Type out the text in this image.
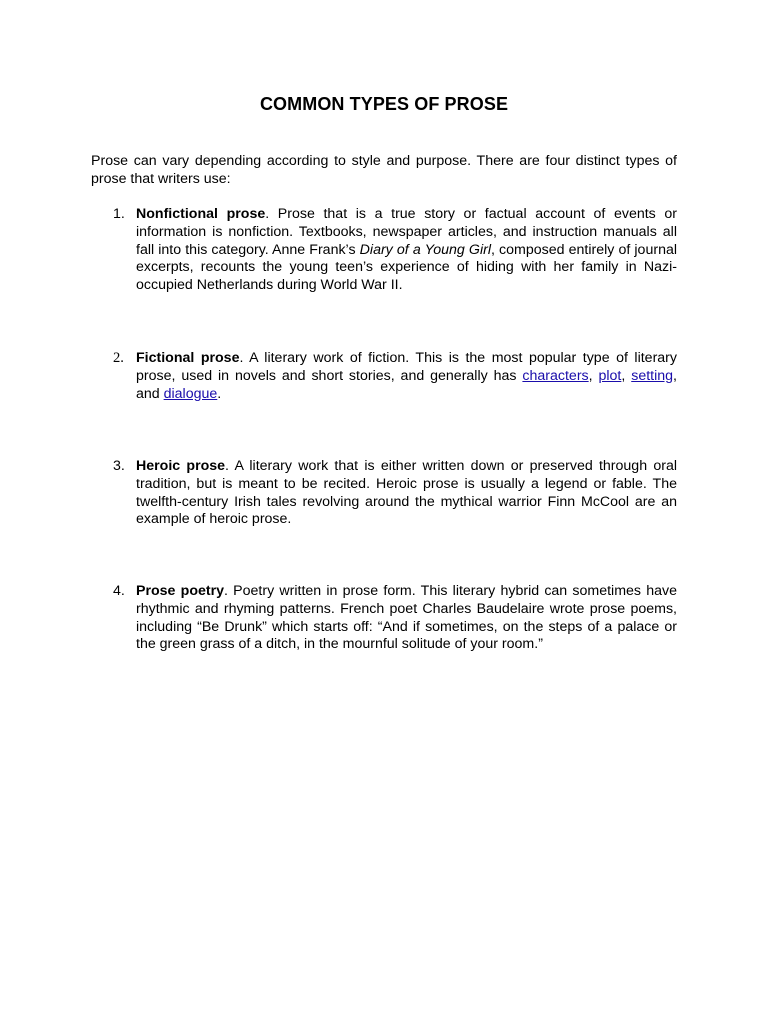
COMMON TYPES OF PROSE

Prose can vary depending according to style and purpose. There are four distinct types of prose that writers use:

1. Nonfictional prose. Prose that is a true story or factual account of events or information is nonfiction. Textbooks, newspaper articles, and instruction manuals all fall into this category. Anne Frank’s Diary of a Young Girl, composed entirely of journal excerpts, recounts the young teen’s experience of hiding with her family in Nazi-occupied Netherlands during World War II.

2. Fictional prose. A literary work of fiction. This is the most popular type of literary prose, used in novels and short stories, and generally has characters, plot, setting, and dialogue.

3. Heroic prose. A literary work that is either written down or preserved through oral tradition, but is meant to be recited. Heroic prose is usually a legend or fable. The twelfth-century Irish tales revolving around the mythical warrior Finn McCool are an example of heroic prose.

4. Prose poetry. Poetry written in prose form. This literary hybrid can sometimes have rhythmic and rhyming patterns. French poet Charles Baudelaire wrote prose poems, including “Be Drunk” which starts off: “And if sometimes, on the steps of a palace or the green grass of a ditch, in the mournful solitude of your room.”
